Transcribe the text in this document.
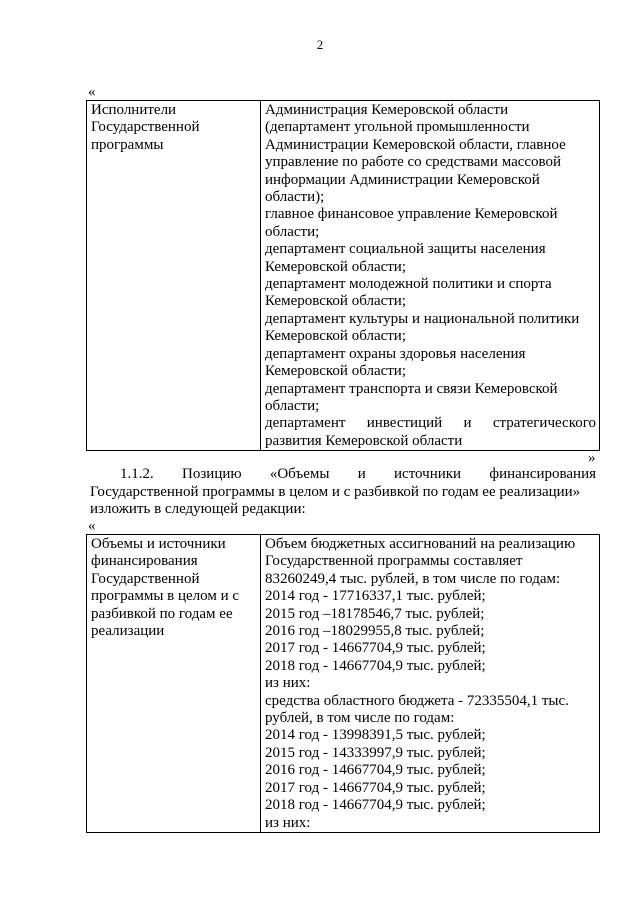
2
«
Исполнители
Государственной
программы

Администрация Кемеровской области
(департамент угольной промышленности
Администрации Кемеровской области, главное
управление по работе со средствами массовой
информации Администрации Кемеровской
области);
главное финансовое управление Кемеровской
области;
департамент социальной защиты населения
Кемеровской области;
департамент молодежной политики и спорта
Кемеровской области;
департамент культуры и национальной политики
Кемеровской области;
департамент охраны здоровья населения
Кемеровской области;
департамент транспорта и связи Кемеровской
области;
департамент инвестиций и стратегического
развития Кемеровской области
»
1.1.2. Позицию «Объемы и источники финансирования
Государственной программы в целом и с разбивкой по годам ее реализации»
изложить в следующей редакции:
«
Объемы и источники
финансирования
Государственной
программы в целом и с
разбивкой по годам ее
реализации

Объем бюджетных ассигнований на реализацию
Государственной программы составляет
83260249,4 тыс. рублей, в том числе по годам:
2014 год - 17716337,1 тыс. рублей;
2015 год –18178546,7 тыс. рублей;
2016 год –18029955,8 тыс. рублей;
2017 год - 14667704,9 тыс. рублей;
2018 год - 14667704,9 тыс. рублей;
из них:
средства областного бюджета - 72335504,1 тыс.
рублей, в том числе по годам:
2014 год - 13998391,5 тыс. рублей;
2015 год - 14333997,9 тыс. рублей;
2016 год - 14667704,9 тыс. рублей;
2017 год - 14667704,9 тыс. рублей;
2018 год - 14667704,9 тыс. рублей;
из них:
